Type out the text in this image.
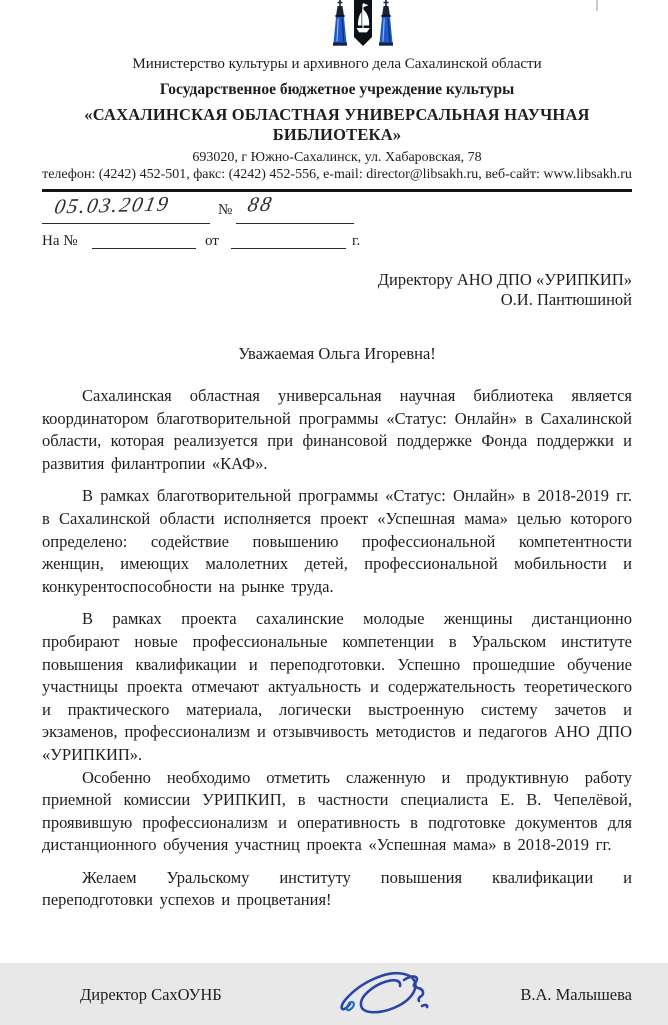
Министерство культуры и архивного дела Сахалинской области
Государственное бюджетное учреждение культуры
«САХАЛИНСКАЯ ОБЛАСТНАЯ УНИВЕРСАЛЬНАЯ НАУЧНАЯ БИБЛИОТЕКА»
693020, г Южно-Сахалинск, ул. Хабаровская, 78
телефон: (4242) 452-501, факс: (4242) 452-556, e-mail: director@libsakh.ru, веб-сайт: www.libsakh.ru
05.03.2019	№ 88
На №	от	г.
Директору АНО ДПО «УРИПКИП»
О.И. Пантюшиной
Уважаемая Ольга Игоревна!

Сахалинская областная универсальная научная библиотека является координатором благотворительной программы «Статус: Онлайн» в Сахалинской области, которая реализуется при финансовой поддержке Фонда поддержки и развития филантропии «КАФ».

В рамках благотворительной программы «Статус: Онлайн» в 2018-2019 гг. в Сахалинской области исполняется проект «Успешная мама» целью которого определено: содействие повышению профессиональной компетентности женщин, имеющих малолетних детей, профессиональной мобильности и конкурентоспособности на рынке труда.

В рамках проекта сахалинские молодые женщины дистанционно пробирают новые профессиональные компетенции в Уральском институте повышения квалификации и переподготовки. Успешно прошедшие обучение участницы проекта отмечают актуальность и содержательность теоретического и практического материала, логически выстроенную систему зачетов и экзаменов, профессионализм и отзывчивость методистов и педагогов АНО ДПО «УРИПКИП».

Особенно необходимо отметить слаженную и продуктивную работу приемной комиссии УРИПКИП, в частности специалиста Е. В. Чепелёвой, проявившую профессионализм и оперативность в подготовке документов для дистанционного обучения участниц проекта «Успешная мама» в 2018-2019 гг.

Желаем Уральскому институту повышения квалификации и переподготовки успехов и процветания!

Директор СахОУНБ	В.А. Малышева
